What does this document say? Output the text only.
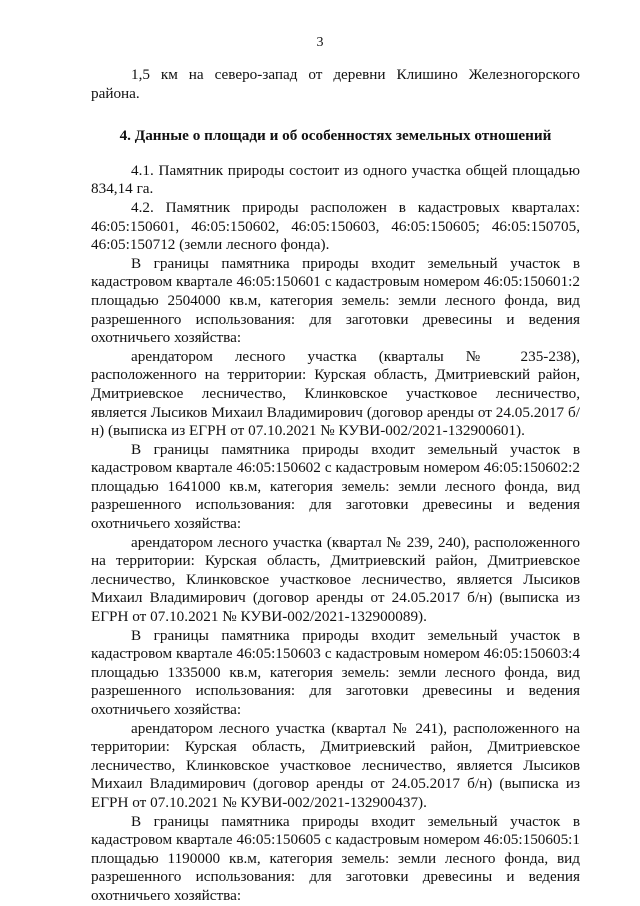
3

1,5 км на северо-запад от деревни Клишино Железногорского района.

4. Данные о площади и об особенностях земельных отношений

4.1. Памятник природы состоит из одного участка общей площадью 834,14 га.

4.2. Памятник природы расположен в кадастровых кварталах: 46:05:150601, 46:05:150602, 46:05:150603, 46:05:150605; 46:05:150705, 46:05:150712 (земли лесного фонда).

В границы памятника природы входит земельный участок в кадастровом квартале 46:05:150601 с кадастровым номером 46:05:150601:2 площадью 2504000 кв.м, категория земель: земли лесного фонда, вид разрешенного использования: для заготовки древесины и ведения охотничьего хозяйства:

арендатором лесного участка (кварталы № 235-238), расположенного на территории: Курская область, Дмитриевский район, Дмитриевское лесничество, Клинковское участковое лесничество, является Лысиков Михаил Владимирович (договор аренды от 24.05.2017 б/н) (выписка из ЕГРН от 07.10.2021 № КУВИ-002/2021-132900601).

В границы памятника природы входит земельный участок в кадастровом квартале 46:05:150602 с кадастровым номером 46:05:150602:2 площадью 1641000 кв.м, категория земель: земли лесного фонда, вид разрешенного использования: для заготовки древесины и ведения охотничьего хозяйства:

арендатором лесного участка (квартал № 239, 240), расположенного на территории: Курская область, Дмитриевский район, Дмитриевское лесничество, Клинковское участковое лесничество, является Лысиков Михаил Владимирович (договор аренды от 24.05.2017 б/н) (выписка из ЕГРН от 07.10.2021 № КУВИ-002/2021-132900089).

В границы памятника природы входит земельный участок в кадастровом квартале 46:05:150603 с кадастровым номером 46:05:150603:4 площадью 1335000 кв.м, категория земель: земли лесного фонда, вид разрешенного использования: для заготовки древесины и ведения охотничьего хозяйства:

арендатором лесного участка (квартал № 241), расположенного на территории: Курская область, Дмитриевский район, Дмитриевское лесничество, Клинковское участковое лесничество, является Лысиков Михаил Владимирович (договор аренды от 24.05.2017 б/н) (выписка из ЕГРН от 07.10.2021 № КУВИ-002/2021-132900437).

В границы памятника природы входит земельный участок в кадастровом квартале 46:05:150605 с кадастровым номером 46:05:150605:1 площадью 1190000 кв.м, категория земель: земли лесного фонда, вид разрешенного использования: для заготовки древесины и ведения охотничьего хозяйства:
